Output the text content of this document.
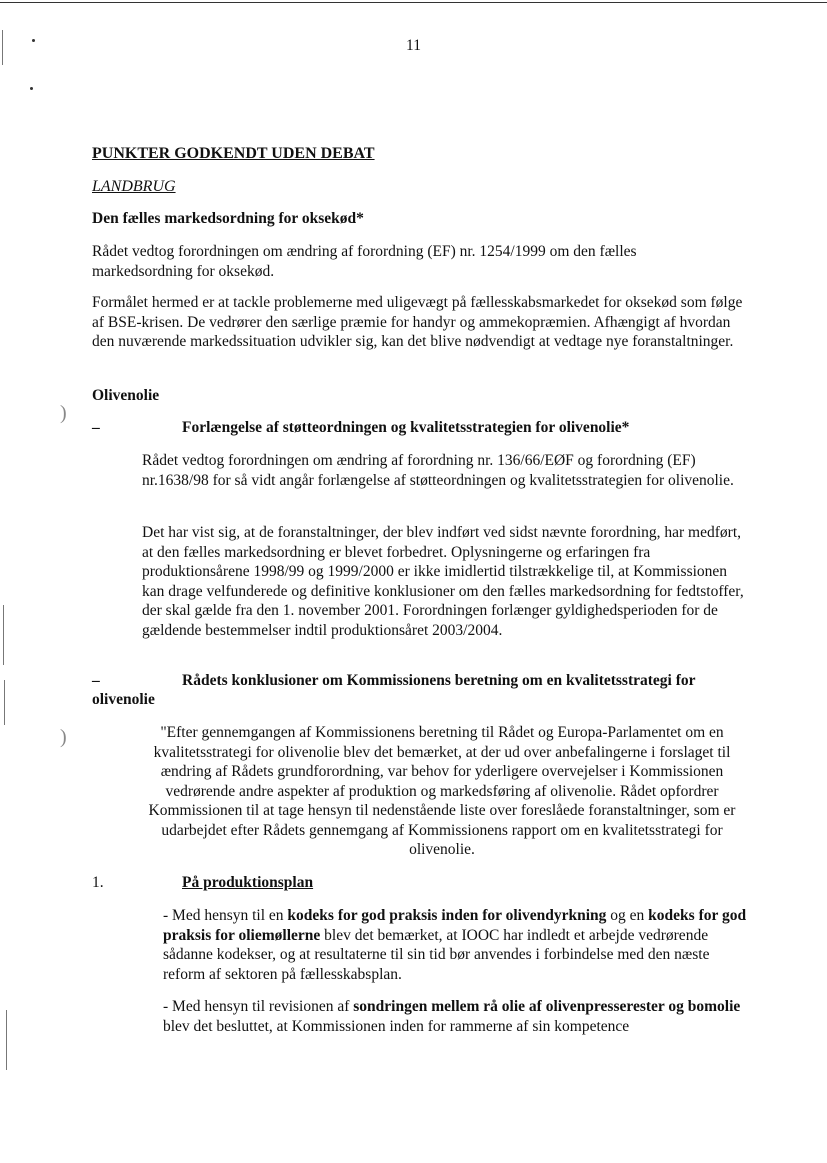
)
)
11
PUNKTER GODKENDT UDEN DEBAT
LANDBRUG
Den fælles markedsordning for oksekød*

Rådet vedtog forordningen om ændring af forordning (EF) nr. 1254/1999 om den fælles markedsordning for oksekød.

Formålet hermed er at tackle problemerne med uligevægt på fællesskabsmarkedet for oksekød som følge af BSE-krisen. De vedrører den særlige præmie for handyr og ammekopræmien. Afhængigt af hvordan den nuværende markedssituation udvikler sig, kan det blive nødvendigt at vedtage nye foranstaltninger.

Olivenolie
–	Forlængelse af støtteordningen og kvalitetsstrategien for olivenolie*

Rådet vedtog forordningen om ændring af forordning nr. 136/66/EØF og forordning (EF) nr.1638/98 for så vidt angår forlængelse af støtteordningen og kvalitetsstrategien for olivenolie.

Det har vist sig, at de foranstaltninger, der blev indført ved sidst nævnte forordning, har medført, at den fælles markedsordning er blevet forbedret. Oplysningerne og erfaringen fra produktionsårene 1998/99 og 1999/2000 er ikke imidlertid tilstrækkelige til, at Kommissionen kan drage velfunderede og definitive konklusioner om den fælles markedsordning for fedtstoffer, der skal gælde fra den 1. november 2001. Forordningen forlænger gyldighedsperioden for de gældende bestemmelser indtil produktionsåret 2003/2004.

–	Rådets konklusioner om Kommissionens beretning om en kvalitetsstrategi for
olivenolie

"Efter gennemgangen af Kommissionens beretning til Rådet og Europa-Parlamentet om en kvalitetsstrategi for olivenolie blev det bemærket, at der ud over anbefalingerne i forslaget til ændring af Rådets grundforordning, var behov for yderligere overvejelser i Kommissionen vedrørende andre aspekter af produktion og markedsføring af olivenolie. Rådet opfordrer Kommissionen til at tage hensyn til nedenstående liste over foreslåede foranstaltninger, som er udarbejdet efter Rådets gennemgang af Kommissionens rapport om en kvalitetsstrategi for olivenolie.

1.	På produktionsplan

- Med hensyn til en kodeks for god praksis inden for olivendyrkning og en kodeks for god praksis for oliemøllerne blev det bemærket, at IOOC har indledt et arbejde vedrørende sådanne kodekser, og at resultaterne til sin tid bør anvendes i forbindelse med den næste reform af sektoren på fællesskabsplan.

- Med hensyn til revisionen af sondringen mellem rå olie af olivenpresserester og bomolie blev det besluttet, at Kommissionen inden for rammerne af sin kompetence
